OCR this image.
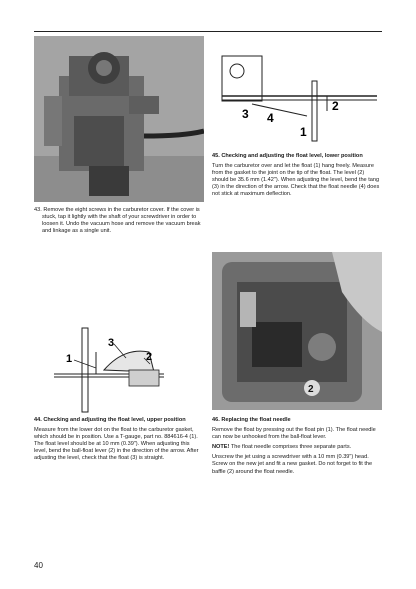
43. Remove the eight screws in the carburetor cover. If the cover is stuck, tap it lightly with the shaft of your screwdriver in order to loosen it. Undo the vacuum hose and remove the vacuum break and linkage as a single unit.

1
3
2

44. Checking and adjusting the float level, upper position

Measure from the lower dot on the float to the carburetor gasket, which should be in position. Use a T-gauge, part no. 884616-4 (1). The float level should be at 10 mm (0.39"). When adjusting this level, bend the ball-float lever (2) in the direction of the arrow. After adjusting the level, check that the float (3) is straight.

2
3 4
1

45. Checking and adjusting the float level, lower position

Turn the carburetor over and let the float (1) hang freely. Measure from the gasket to the joint on the tip of the float. The level (2) should be 35.6 mm (1.42"). When adjusting the level, bend the tang (3) in the direction of the arrow. Check that the float needle (4) does not stick at maximum deflection.

2

46. Replacing the float needle

Remove the float by pressing out the float pin (1). The float needle can now be unhooked from the ball-float lever.

NOTE! The float needle comprises three separate parts.

Unscrew the jet using a screwdriver with a 10 mm (0.39") head. Screw on the new jet and fit a new gasket. Do not forget to fit the baffle (2) around the float needle.

40
